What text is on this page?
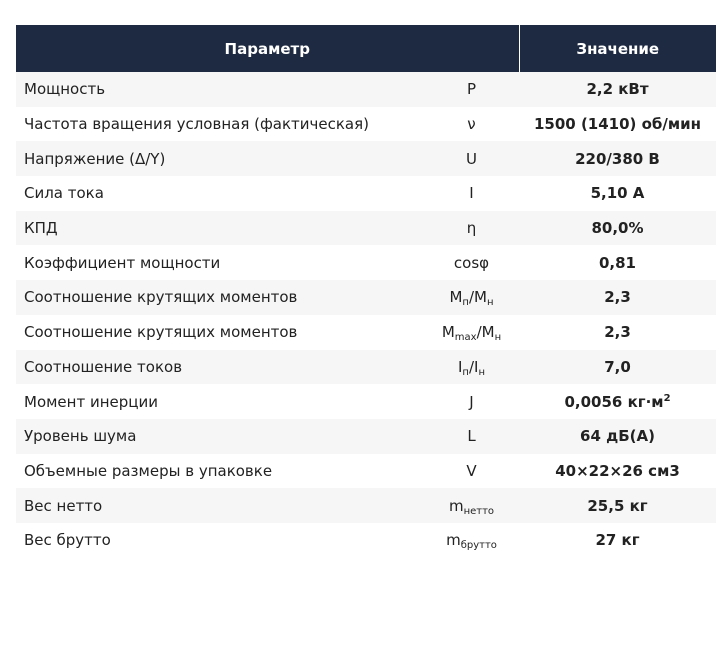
Параметр		Значение
Мощность	P	2,2 кВт
Частота вращения условная (фактическая)	ν	1500 (1410) об/мин
Напряжение (Δ/Y)	U	220/380 В
Сила тока	I	5,10 А
КПД	η	80,0%
Коэффициент мощности	cosφ	0,81
Соотношение крутящих моментов	$M_п/M_н$	2,3
Соотношение крутящих моментов	$M_{max}/M_н$	2,3
Соотношение токов	$I_п/I_н$	7,0
Момент инерции	J	0,0056 $кг\cdot м^2$
Уровень шума	L	64 дБ(А)
Объемные размеры в упаковке	V	40×22×26 см3
Вес нетто	$m_{нетто}$	25,5 кг
Вес брутто	$m_{брутто}$	27 кг
